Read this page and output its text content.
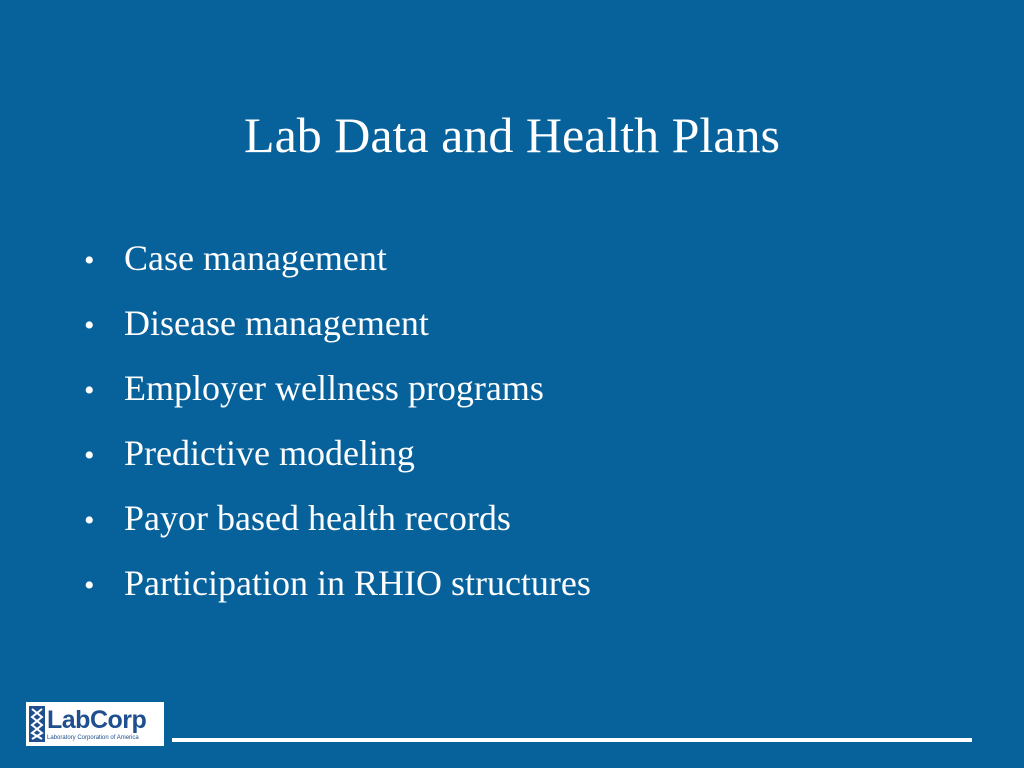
Lab Data and Health Plans
• Case management
• Disease management
• Employer wellness programs
• Predictive modeling
• Payor based health records
• Participation in RHIO structures
LabCorp
Laboratory Corporation of America
